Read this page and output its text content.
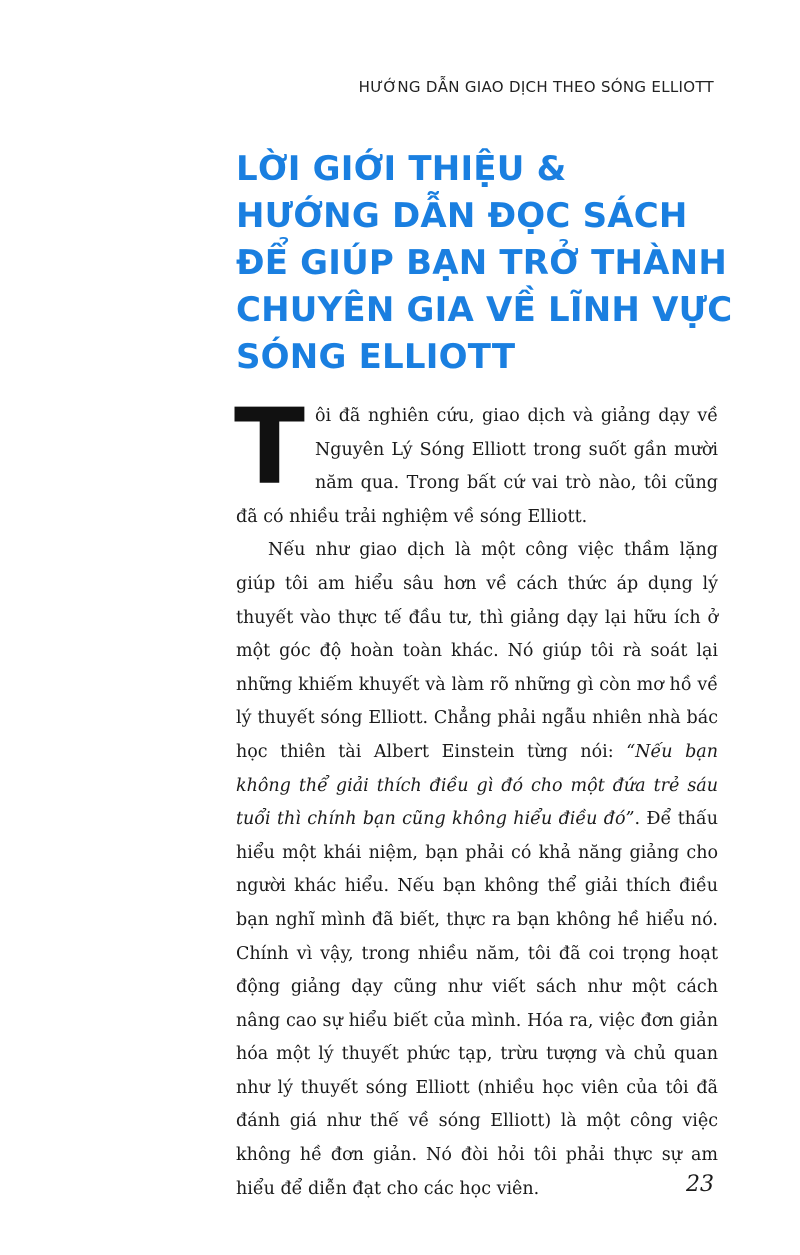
HƯỚNG DẪN GIAO DỊCH THEO SÓNG ELLIOTT
LỜI GIỚI THIỆU &
HƯỚNG DẪN ĐỌC SÁCH
ĐỂ GIÚP BẠN TRỞ THÀNH
CHUYÊN GIA VỀ LĨNH VỰC
SÓNG ELLIOTT

Tôi đã nghiên cứu, giao dịch và giảng dạy về Nguyên Lý Sóng Elliott trong suốt gần mười năm qua. Trong bất cứ vai trò nào, tôi cũng đã có nhiều trải nghiệm về sóng Elliott.

Nếu như giao dịch là một công việc thầm lặng giúp tôi am hiểu sâu hơn về cách thức áp dụng lý thuyết vào thực tế đầu tư, thì giảng dạy lại hữu ích ở một góc độ hoàn toàn khác. Nó giúp tôi rà soát lại những khiếm khuyết và làm rõ những gì còn mơ hồ về lý thuyết sóng Elliott. Chẳng phải ngẫu nhiên nhà bác học thiên tài Albert Einstein từng nói: “Nếu bạn không thể giải thích điều gì đó cho một đứa trẻ sáu tuổi thì chính bạn cũng không hiểu điều đó”. Để thấu hiểu một khái niệm, bạn phải có khả năng giảng cho người khác hiểu. Nếu bạn không thể giải thích điều bạn nghĩ mình đã biết, thực ra bạn không hề hiểu nó. Chính vì vậy, trong nhiều năm, tôi đã coi trọng hoạt động giảng dạy cũng như viết sách như một cách nâng cao sự hiểu biết của mình. Hóa ra, việc đơn giản hóa một lý thuyết phức tạp, trừu tượng và chủ quan như lý thuyết sóng Elliott (nhiều học viên của tôi đã đánh giá như thế về sóng Elliott) là một công việc không hề đơn giản. Nó đòi hỏi tôi phải thực sự am hiểu để diễn đạt cho các học viên.	23
